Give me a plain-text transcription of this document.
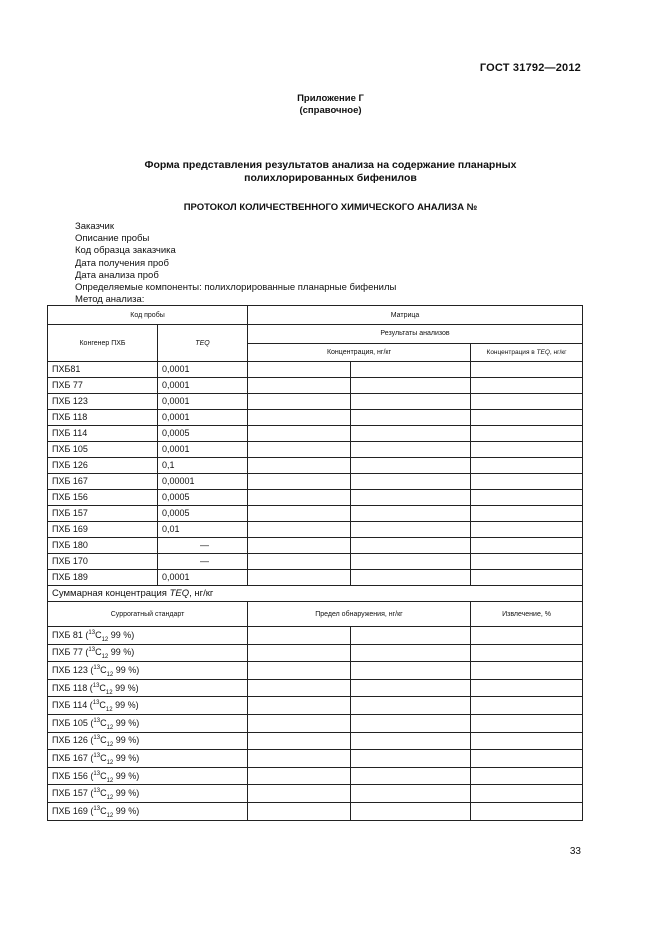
ГОСТ 31792—2012
Приложение Г
(справочное)
Форма представления результатов анализа на содержание планарных
полихлорированных бифенилов
ПРОТОКОЛ КОЛИЧЕСТВЕННОГО ХИМИЧЕСКОГО АНАЛИЗА №
Заказчик
Описание пробы
Код образца заказчика
Дата получения проб
Дата анализа проб
Определяемые компоненты: полихлорированные планарные бифенилы
Метод анализа:
Код пробы		Матрица		
Конгенер ПХБ	TEQ	Результаты анализов		
		Концентрация, нг/кг		Концентрация в TEQ, нг/кг
ПХБ81	0,0001			
ПХБ 77	0,0001			
ПХБ 123	0,0001			
ПХБ 118	0,0001			
ПХБ 114	0,0005			
ПХБ 105	0,0001			
ПХБ 126	0,1			
ПХБ 167	0,00001			
ПХБ 156	0,0005			
ПХБ 157	0,0005			
ПХБ 169	0,01			
ПХБ 180	—			
ПХБ 170	—			
ПХБ 189	0,0001			
Суммарная концентрация TEQ, нг/кг				
Суррогатный стандарт		Предел обнаружения, нг/кг		Извлечение, %
ПХБ 81 ($^{13}C_{12}$ 99 %)				
ПХБ 77 ($^{13}C_{12}$ 99 %)				
ПХБ 123 ($^{13}C_{12}$ 99 %)				
ПХБ 118 ($^{13}C_{12}$ 99 %)				
ПХБ 114 ($^{13}C_{12}$ 99 %)				
ПХБ 105 ($^{13}C_{12}$ 99 %)				
ПХБ 126 ($^{13}C_{12}$ 99 %)				
ПХБ 167 ($^{13}C_{12}$ 99 %)				
ПХБ 156 ($^{13}C_{12}$ 99 %)				
ПХБ 157 ($^{13}C_{12}$ 99 %)				
ПХБ 169 ($^{13}C_{12}$ 99 %)				
33
